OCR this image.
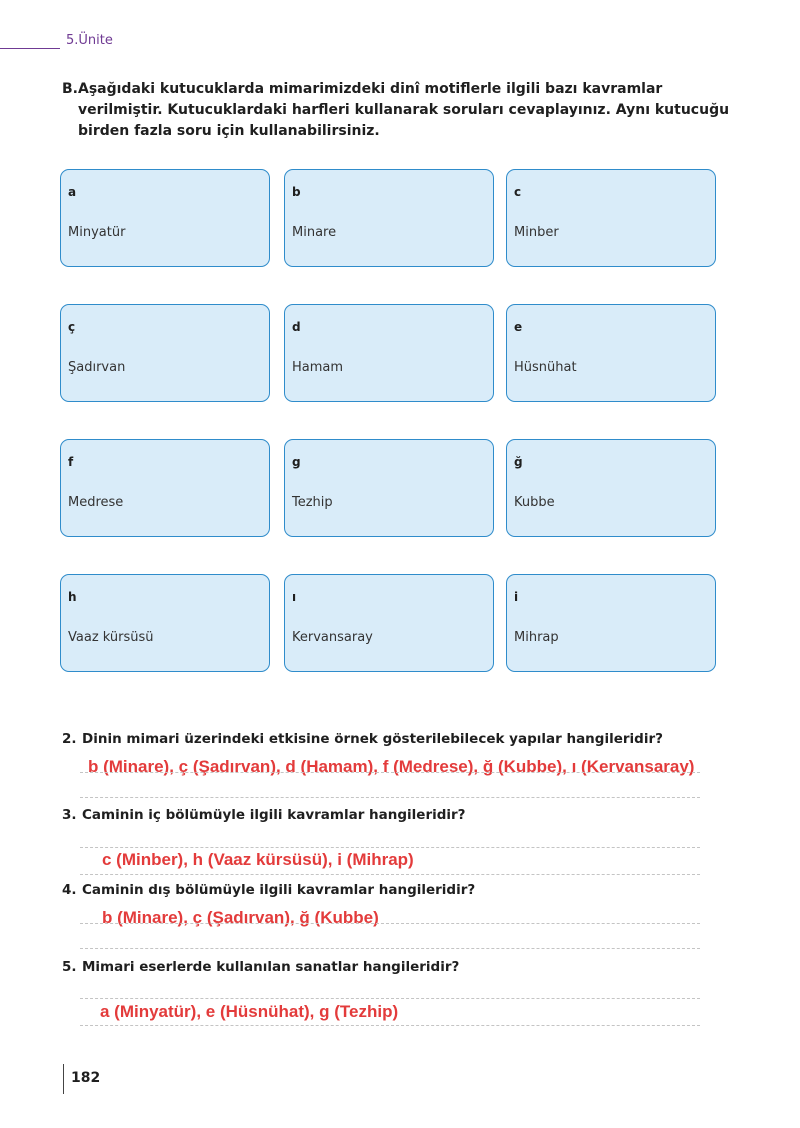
5.Ünite
B. Aşağıdaki kutucuklarda mimarimizdeki dinî motiflerle ilgili bazı kavramlar verilmiştir. Kutucuklardaki harfleri kullanarak soruları cevaplayınız. Aynı kutucuğu birden fazla soru için kullanabilirsiniz.
a
Minyatür
b
Minare
c
Minber
ç
Şadırvan
d
Hamam
e
Hüsnühat
f
Medrese
g
Tezhip
ğ
Kubbe
h
Vaaz kürsüsü
ı
Kervansaray
i
Mihrap
2. Dinin mimari üzerindeki etkisine örnek gösterilebilecek yapılar hangileridir?
b (Minare), ç (Şadırvan), d (Hamam), f (Medrese), ğ (Kubbe), ı (Kervansaray)
3. Caminin iç bölümüyle ilgili kavramlar hangileridir?
c (Minber), h (Vaaz kürsüsü), i (Mihrap)
4. Caminin dış bölümüyle ilgili kavramlar hangileridir?
b (Minare), ç (Şadırvan), ğ (Kubbe)
5. Mimari eserlerde kullanılan sanatlar hangileridir?
a (Minyatür), e (Hüsnühat), g (Tezhip)
182
